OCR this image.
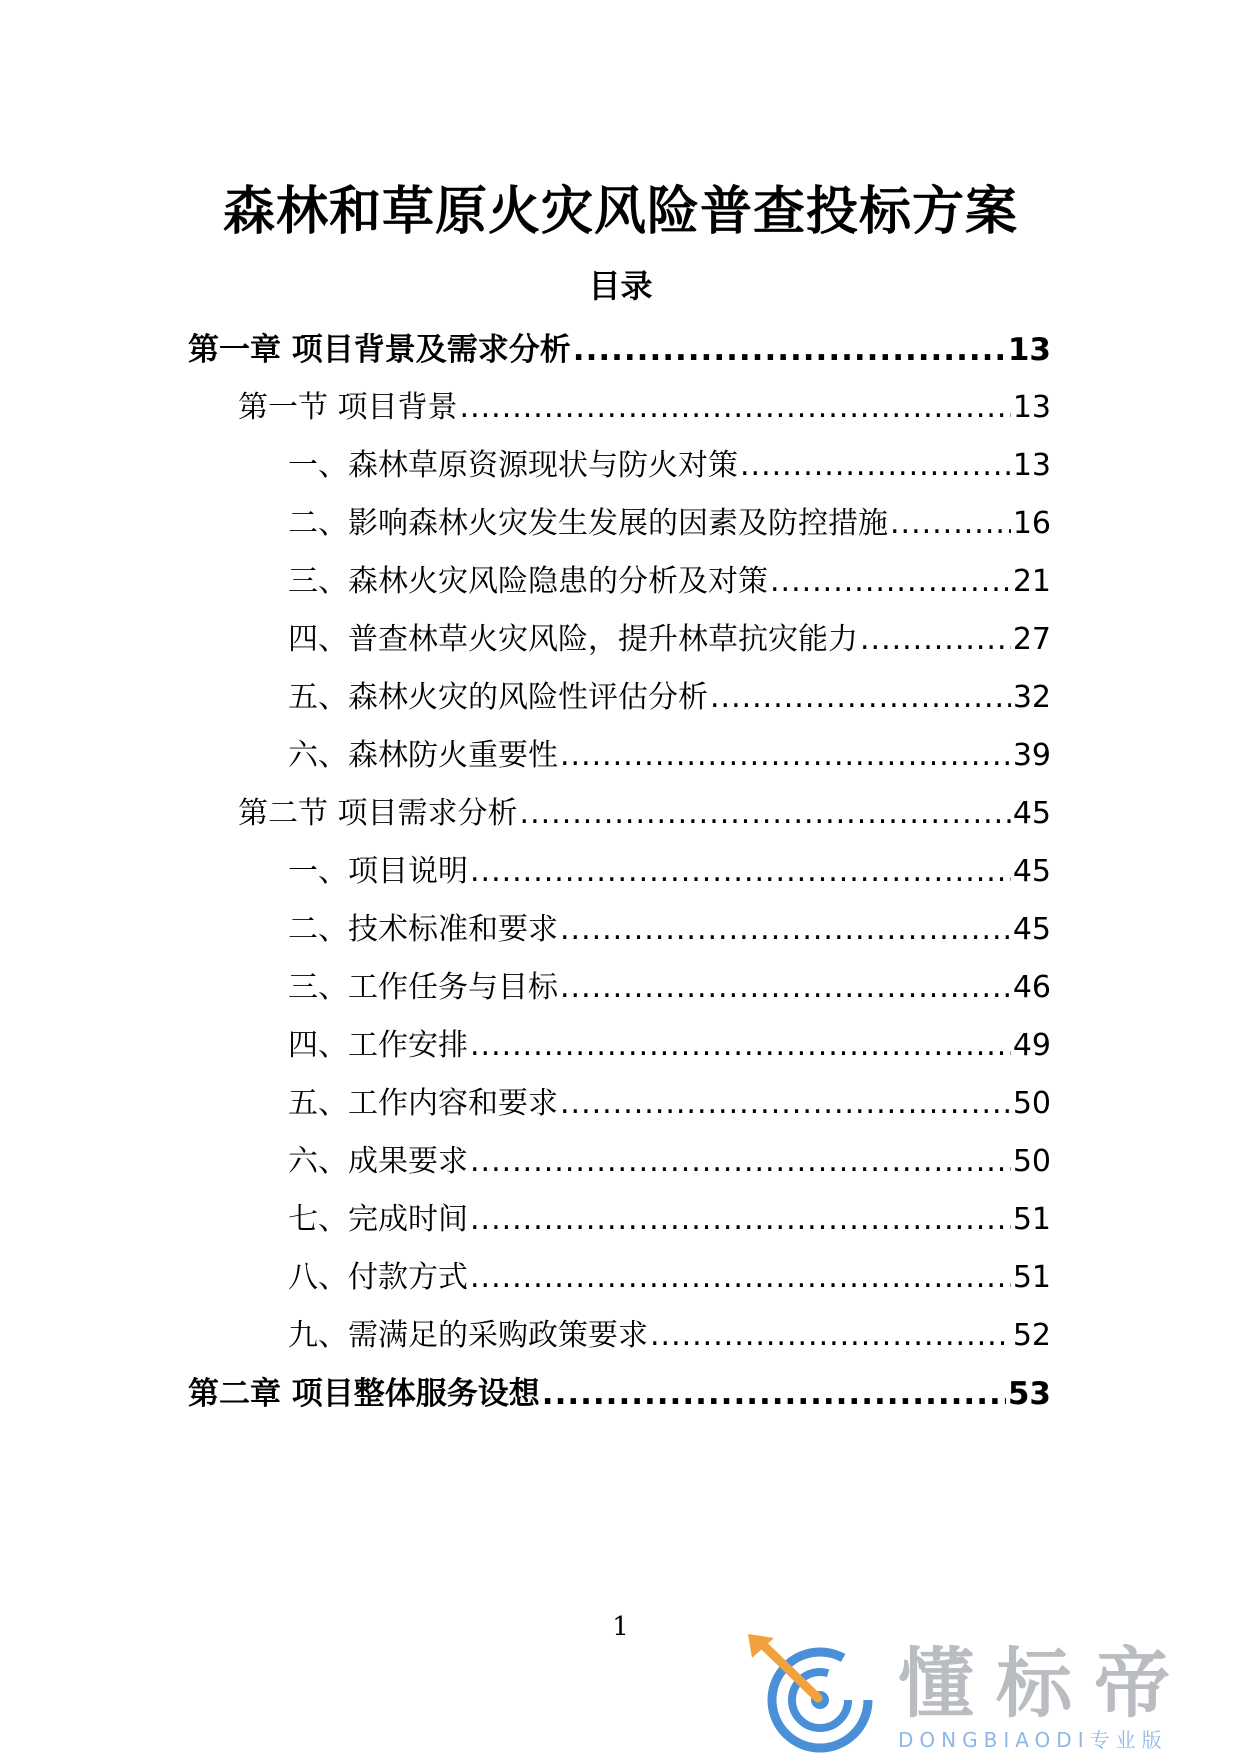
森林和草原火灾风险普查投标方案
目录
第一章 项目背景及需求分析 .....	13
第一节 项目背景 .....	13
一、森林草原资源现状与防火对策 .....	13
二、影响森林火灾发生发展的因素及防控措施 .....	16
三、森林火灾风险隐患的分析及对策 .....	21
四、普查林草火灾风险，提升林草抗灾能力 .....	27
五、森林火灾的风险性评估分析 .....	32
六、森林防火重要性 .....	39
第二节 项目需求分析 .....	45
一、项目说明 .....	45
二、技术标准和要求 .....	45
三、工作任务与目标 .....	46
四、工作安排 .....	49
五、工作内容和要求 .....	50
六、成果要求 .....	50
七、完成时间 .....	51
八、付款方式 .....	51
九、需满足的采购政策要求 .....	52
第二章 项目整体服务设想 .....	53
1
懂标帝
DONGBIAODI专业版
